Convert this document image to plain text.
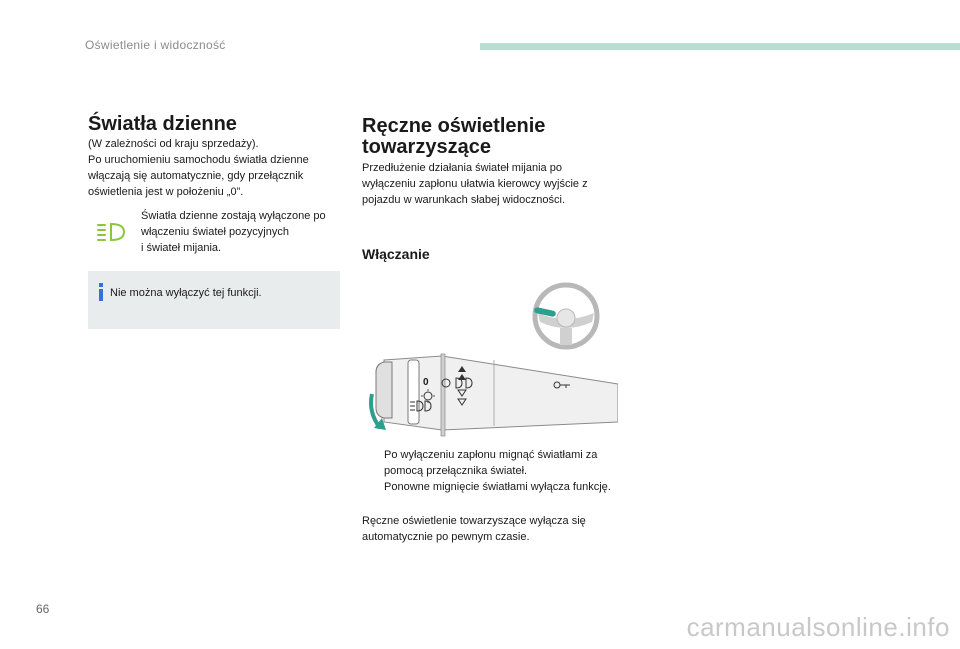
Oświetlenie i widoczność
Światła dzienne
(W zależności od kraju sprzedaży).
Po uruchomieniu samochodu światła dzienne włączają się automatycznie, gdy przełącznik oświetlenia jest w położeniu „0”.
Światła dzienne zostają wyłączone po włączeniu świateł pozycyjnych
i świateł mijania.
Nie można wyłączyć tej funkcji.
Ręczne oświetlenie towarzyszące
Przedłużenie działania świateł mijania po wyłączeniu zapłonu ułatwia kierowcy wyjście z pojazdu w warunkach słabej widoczności.
Włączanie
0
Po wyłączeniu zapłonu mignąć światłami za pomocą przełącznika świateł.
Ponowne mignięcie światłami wyłącza funkcję.
Ręczne oświetlenie towarzyszące wyłącza się automatycznie po pewnym czasie.
66
carmanualsonline.info
